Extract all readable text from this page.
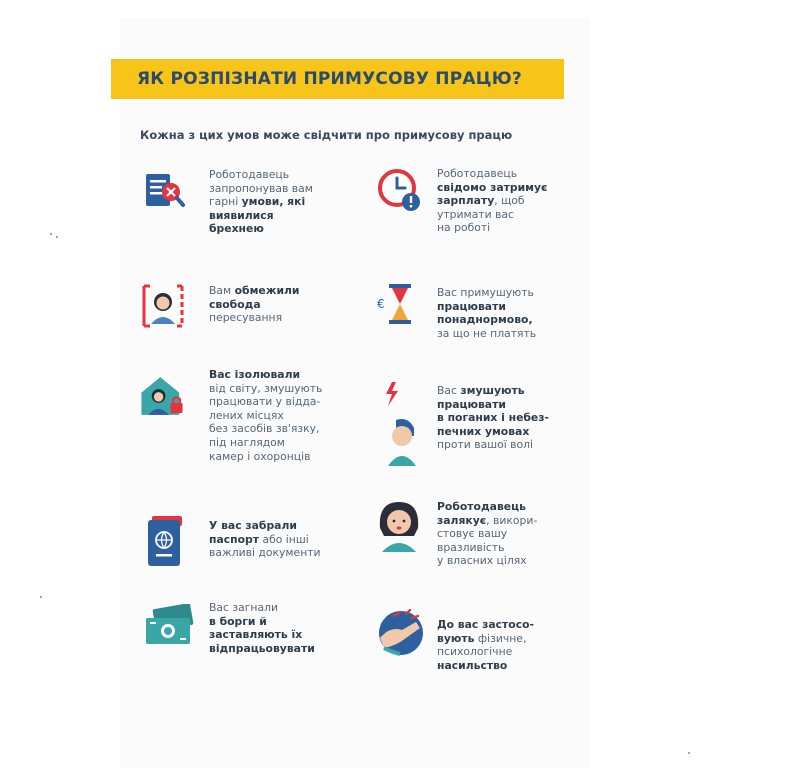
ЯК РОЗПІЗНАТИ ПРИМУСОВУ ПРАЦЮ?
Кожна з цих умов може свідчити про примусову працю
Роботодавець
запропонував вам
гарні умови, які
виявилися
брехнею
Роботодавець
свідомо затримує
зарплату, щоб
утримати вас
на роботі
Вам обмежили
свобода
пересування
€
Вас примушують
працювати
понаднормово,
за що не платять
Вас ізолювали
від світу, змушують
працювати у відда-
лених місцях
без засобів зв'язку,
під наглядом
камер і охоронців
Вас змушують
працювати
в поганих і небез-
печних умовах
проти вашої волі
У вас забрали
паспорт або інші
важливі документи
Роботодавець
залякує, викори-
стовує вашу
вразливість
у власних цілях
Вас загнали
в борги й
заставляють їх
відпрацьовувати
До вас застосо-
вують фізичне,
психологічне
насильство
